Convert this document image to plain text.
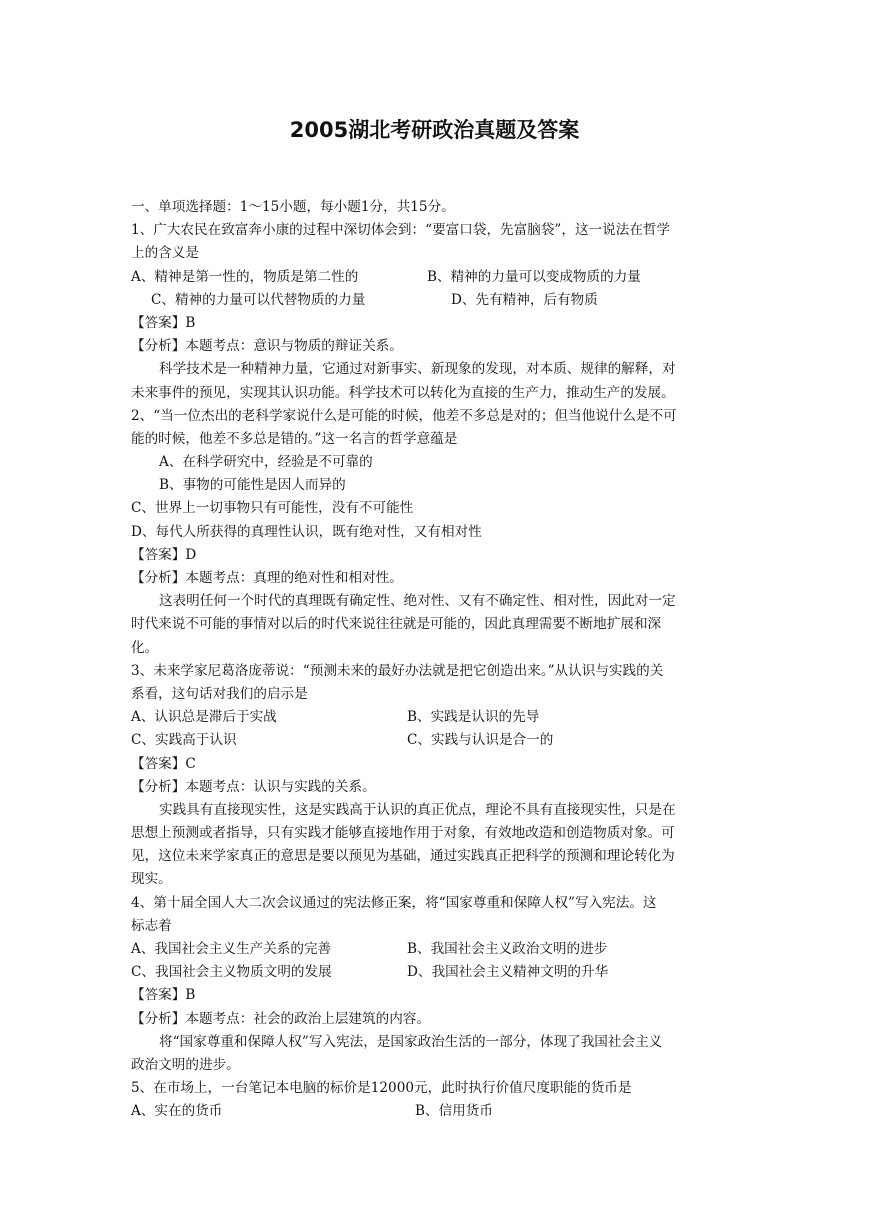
2005湖北考研政治真题及答案
一、单项选择题：1～15小题，每小题1分，共15分。
1、广大农民在致富奔小康的过程中深切体会到：“要富口袋，先富脑袋”，这一说法在哲学
上的含义是
A、精神是第一性的，物质是第二性的	B、精神的力量可以变成物质的力量
C、精神的力量可以代替物质的力量	D、先有精神，后有物质
【答案】B
【分析】本题考点：意识与物质的辩证关系。
科学技术是一种精神力量，它通过对新事实、新现象的发现，对本质、规律的解释，对
未来事件的预见，实现其认识功能。科学技术可以转化为直接的生产力，推动生产的发展。
2、“当一位杰出的老科学家说什么是可能的时候，他差不多总是对的；但当他说什么是不可
能的时候，他差不多总是错的。”这一名言的哲学意蕴是
A、在科学研究中，经验是不可靠的
B、事物的可能性是因人而异的
C、世界上一切事物只有可能性，没有不可能性
D、每代人所获得的真理性认识，既有绝对性，又有相对性
【答案】D
【分析】本题考点：真理的绝对性和相对性。
这表明任何一个时代的真理既有确定性、绝对性、又有不确定性、相对性，因此对一定
时代来说不可能的事情对以后的时代来说往往就是可能的，因此真理需要不断地扩展和深
化。
3、未来学家尼葛洛庞蒂说：“预测未来的最好办法就是把它创造出来。”从认识与实践的关
系看，这句话对我们的启示是
A、认识总是滞后于实战	B、实践是认识的先导
C、实践高于认识	C、实践与认识是合一的
【答案】C
【分析】本题考点：认识与实践的关系。
实践具有直接现实性，这是实践高于认识的真正优点，理论不具有直接现实性，只是在
思想上预测或者指导，只有实践才能够直接地作用于对象，有效地改造和创造物质对象。可
见，这位未来学家真正的意思是要以预见为基础，通过实践真正把科学的预测和理论转化为
现实。
4、第十届全国人大二次会议通过的宪法修正案，将“国家尊重和保障人权”写入宪法。这
标志着
A、我国社会主义生产关系的完善	B、我国社会主义政治文明的进步
C、我国社会主义物质文明的发展	D、我国社会主义精神文明的升华
【答案】B
【分析】本题考点：社会的政治上层建筑的内容。
将“国家尊重和保障人权”写入宪法，是国家政治生活的一部分，体现了我国社会主义
政治文明的进步。
5、在市场上，一台笔记本电脑的标价是12000元，此时执行价值尺度职能的货币是
A、实在的货币	B、信用货币
